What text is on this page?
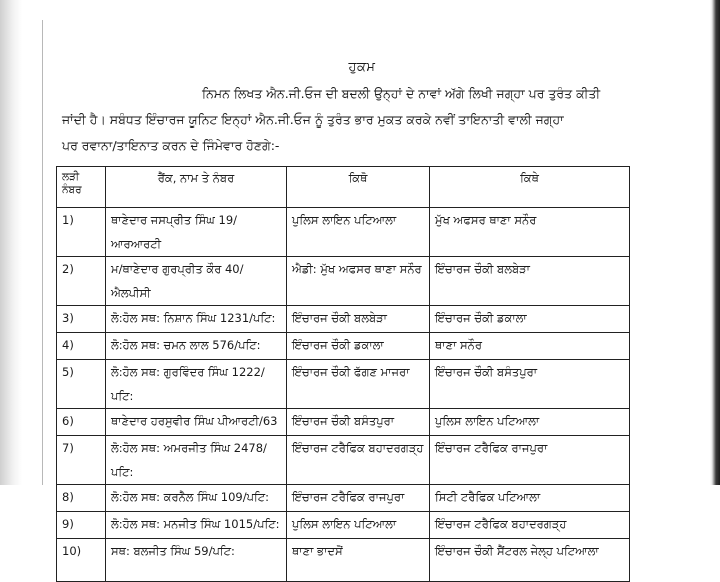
ਹੁਕਮ

ਨਿਮਨ ਲਿਖਤ ਐਨ.ਜੀ.ਓਜ ਦੀ ਬਦਲੀ ਉਨ੍ਹਾਂ ਦੇ ਨਾਵਾਂ ਅੱਗੇ ਲਿਖੀ ਜਗ੍ਹਾ ਪਰ ਤੁਰੰਤ ਕੀਤੀ
ਜਾਂਦੀ ਹੈ। ਸਬੰਧਤ ਇੰਚਾਰਜ ਯੂਨਿਟ ਇਨ੍ਹਾਂ ਐਨ.ਜੀ.ਓਜ ਨੂੰ ਤੁਰੰਤ ਭਾਰ ਮੁਕਤ ਕਰਕੇ ਨਵੀਂ ਤਾਇਨਾਤੀ ਵਾਲੀ ਜਗ੍ਹਾ
ਪਰ ਰਵਾਨਾ/ਤਾਇਨਾਤ ਕਰਨ ਦੇ ਜਿੰਮੇਵਾਰ ਹੋਣਗੇ:-

ਲੜੀ ਨੰਬਰ	ਰੈਂਕ, ਨਾਮ ਤੇ ਨੰਬਰ	ਕਿਥੋ	ਕਿਥੇ
1)	ਥਾਣੇਦਾਰ ਜਸਪ੍ਰੀਤ ਸਿੰਘ 19/ਆਰਆਰਟੀ	ਪੁਲਿਸ ਲਾਇਨ ਪਟਿਆਲਾ	ਮੁੱਖ ਅਫਸਰ ਥਾਣਾ ਸਨੌਰ
2)	ਮ/ਥਾਣੇਦਾਰ ਗੁਰਪ੍ਰੀਤ ਕੌਰ 40/ਐਲਪੀਸੀ	ਐਡੀ: ਮੁੱਖ ਅਫਸਰ ਥਾਣਾ ਸਨੌਰ	ਇੰਚਾਰਜ ਚੌਕੀ ਬਲਬੇੜਾ
3)	ਲੋ:ਹੋਲ ਸਥ: ਨਿਸ਼ਾਨ ਸਿੰਘ 1231/ਪਟਿ:	ਇੰਚਾਰਜ ਚੌਕੀ ਬਲਬੇੜਾ	ਇੰਚਾਰਜ ਚੌਕੀ ਡਕਾਲਾ
4)	ਲੋ:ਹੋਲ ਸਥ: ਚਮਨ ਲਾਲ 576/ਪਟਿ:	ਇੰਚਾਰਜ ਚੌਕੀ ਡਕਾਲਾ	ਥਾਣਾ ਸਨੌਰ
5)	ਲੋ:ਹੋਲ ਸਥ: ਗੁਰਵਿੰਦਰ ਸਿੰਘ 1222/ਪਟਿ:	ਇੰਚਾਰਜ ਚੌਕੀ ਫੱਗਣ ਮਾਜਰਾ	ਇੰਚਾਰਜ ਚੌਕੀ ਬਸੰਤਪੁਰਾ
6)	ਥਾਣੇਦਾਰ ਹਰਸੁਵੀਰ ਸਿੰਘ ਪੀਆਰਟੀ/63	ਇੰਚਾਰਜ ਚੌਕੀ ਬਸੰਤਪੁਰਾ	ਪੁਲਿਸ ਲਾਇਨ ਪਟਿਆਲਾ
7)	ਲੋ:ਹੋਲ ਸਥ: ਅਮਰਜੀਤ ਸਿੰਘ 2478/ਪਟਿ:	ਇੰਚਾਰਜ ਟਰੈਫਿਕ ਬਹਾਦਰਗੜ੍ਹ	ਇੰਚਾਰਜ ਟਰੈਫਿਕ ਰਾਜਪੁਰਾ
8)	ਲੋ:ਹੋਲ ਸਥ: ਕਰਨੈਲ ਸਿੰਘ 109/ਪਟਿ:	ਇੰਚਾਰਜ ਟਰੈਫਿਕ ਰਾਜਪੁਰਾ	ਸਿਟੀ ਟਰੈਫਿਕ ਪਟਿਆਲਾ
9)	ਲੋ:ਹੋਲ ਸਥ: ਮਨਜੀਤ ਸਿੰਘ 1015/ਪਟਿ:	ਪੁਲਿਸ ਲਾਇਨ ਪਟਿਆਲਾ	ਇੰਚਾਰਜ ਟਰੈਫਿਕ ਬਹਾਦਰਗੜ੍ਹ
10)	ਸਥ: ਬਲਜੀਤ ਸਿੰਘ 59/ਪਟਿ:	ਥਾਣਾ ਭਾਦਸੋਂ	ਇੰਚਾਰਜ ਚੌਕੀ ਸੈਂਟਰਲ ਜੇਲ੍ਹ ਪਟਿਆਲਾ
